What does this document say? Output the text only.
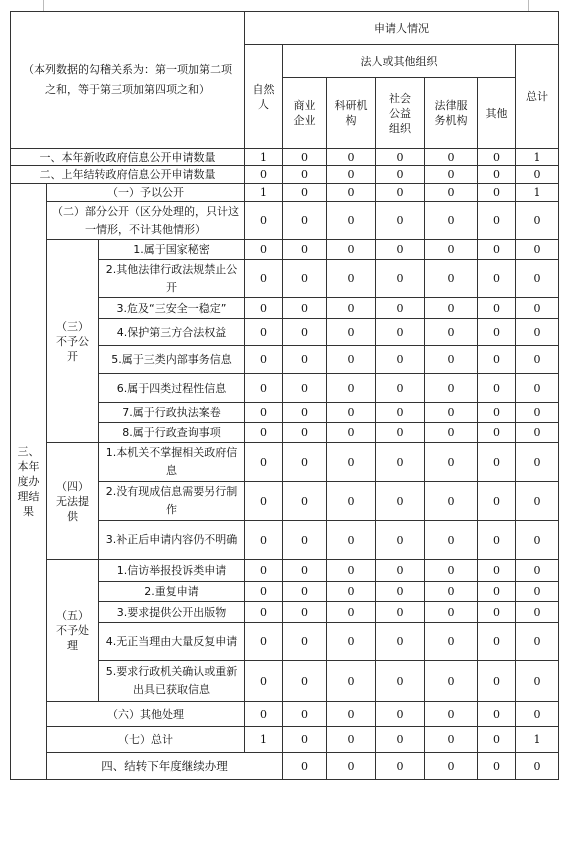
（本列数据的勾稽关系为：第一项加第二项之和，等于第三项加第四项之和）			申请人情况							
			自然人	法人或其他组织					总计	
				商业企业	科研机构	社会公益组织	法律服务机构	其他		
一、本年新收政府信息公开申请数量			1	0	0	0	0	0	1	
二、上年结转政府信息公开申请数量			0	0	0	0	0	0	0	
三、本年度办理结果	（一）予以公开		1	0	0	0	0	0	1	
	（二）部分公开（区分处理的，只计这一情形，不计其他情形）		0	0	0	0	0	0	0	
	（三）不予公开	1.属于国家秘密	0	0	0	0	0	0	0	
		2.其他法律行政法规禁止公开	0	0	0	0	0	0	0	
		3.危及“三安全一稳定”	0	0	0	0	0	0	0	
		4.保护第三方合法权益	0	0	0	0	0	0	0	
		5.属于三类内部事务信息	0	0	0	0	0	0	0	
		6.属于四类过程性信息	0	0	0	0	0	0	0	
		7.属于行政执法案卷	0	0	0	0	0	0	0	
		8.属于行政查询事项	0	0	0	0	0	0	0	
	（四）无法提供	1.本机关不掌握相关政府信息	0	0	0	0	0	0	0	
		2.没有现成信息需要另行制作	0	0	0	0	0	0	0	
		3.补正后申请内容仍不明确	0	0	0	0	0	0	0	
	（五）不予处理	1.信访举报投诉类申请	0	0	0	0	0	0	0	
		2.重复申请	0	0	0	0	0	0	0	
		3.要求提供公开出版物	0	0	0	0	0	0	0	
		4.无正当理由大量反复申请	0	0	0	0	0	0	0	
		5.要求行政机关确认或重新出具已获取信息	0	0	0	0	0	0	0	
	（六）其他处理		0	0	0	0	0	0	0	
	（七）总计		1	0	0	0	0	0	1	
	四、结转下年度继续办理			0	0	0	0	0	0	
